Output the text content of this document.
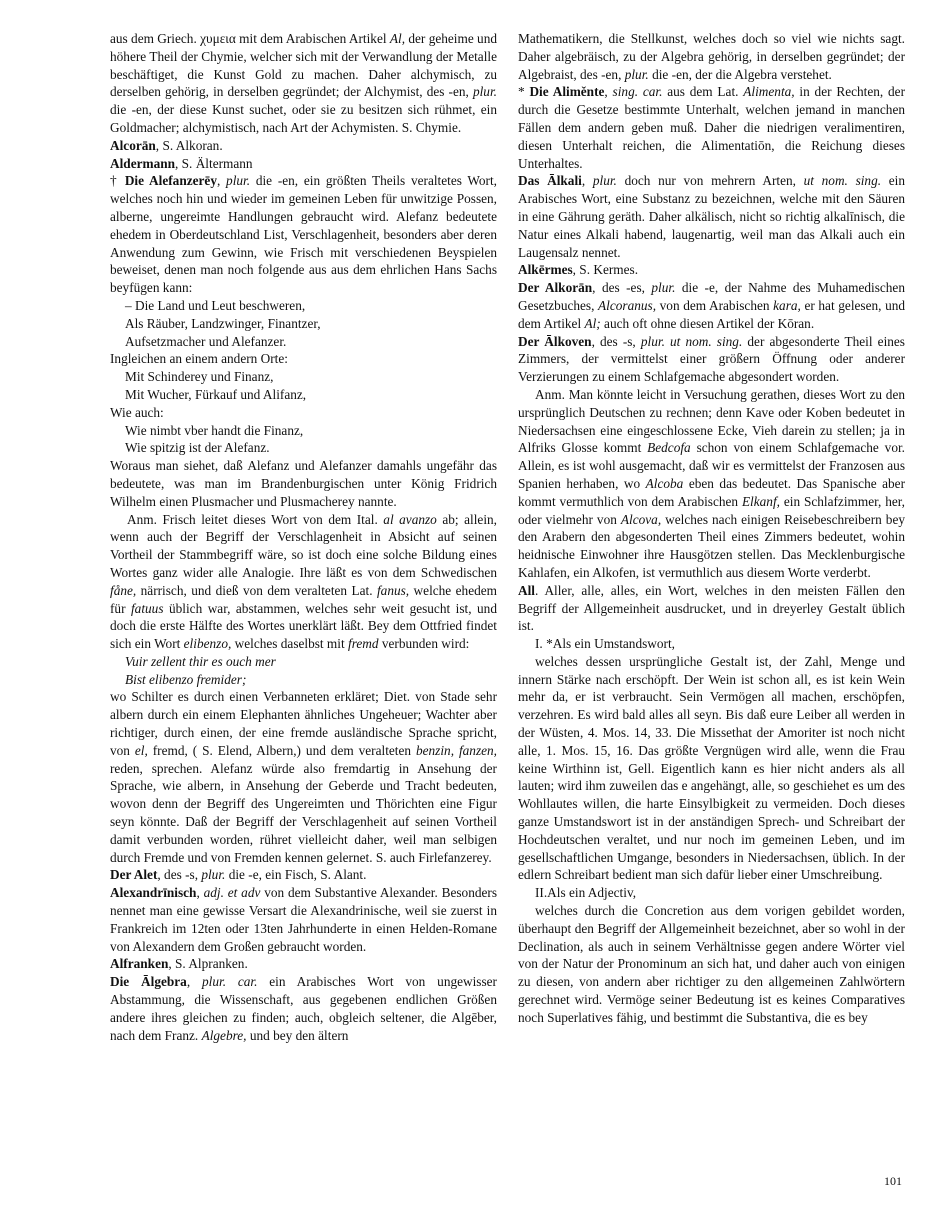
aus dem Griech. χυμεια mit dem Arabischen Artikel Al, der geheime und höhere Theil der Chymie, welcher sich mit der Verwandlung der Metalle beschäftiget, die Kunst Gold zu machen. Daher alchymisch, zu derselben gehörig, in derselben gegründet; der Alchymist, des -en, plur. die -en, der diese Kunst suchet, oder sie zu besitzen sich rühmet, ein Goldmacher; alchymistisch, nach Art der Achymisten. S. Chymie.

Alcorān, S. Alkoran.

Aldermann, S. Ältermann

† Die Alefanzerēy, plur. die -en, ein größten Theils veraltetes Wort, welches noch hin und wieder im gemeinen Leben für unwitzige Possen, alberne, ungereimte Handlungen gebraucht wird. Alefanz bedeutete ehedem in Oberdeutschland List, Verschlagenheit, besonders aber deren Anwendung zum Gewinn, wie Frisch mit verschiedenen Beyspielen beweiset, denen man noch folgende aus aus dem ehrlichen Hans Sachs beyfügen kann:

– Die Land und Leut beschweren,

Als Räuber, Landzwinger, Finantzer,

Aufsetzmacher und Alefanzer.

Ingleichen an einem andern Orte:

Mit Schinderey und Finanz,

Mit Wucher, Fürkauf und Alifanz,

Wie auch:

Wie nimbt vber handt die Finanz,

Wie spitzig ist der Alefanz.

Woraus man siehet, daß Alefanz und Alefanzer damahls ungefähr das bedeutete, was man im Brandenburgischen unter König Fridrich Wilhelm einen Plusmacher und Plusmacherey nannte.

Anm. Frisch leitet dieses Wort von dem Ital. al avanzo ab; allein, wenn auch der Begriff der Verschlagenheit in Absicht auf seinen Vortheil der Stammbegriff wäre, so ist doch eine solche Bildung eines Wortes ganz wider alle Analogie. Ihre läßt es von dem Schwedischen fåne, närrisch, und dieß von dem veralteten Lat. fanus, welche ehedem für fatuus üblich war, abstammen, welches sehr weit gesucht ist, und doch die erste Hälfte des Wortes unerklärt läßt. Bey dem Ottfried findet sich ein Wort elibenzo, welches daselbst mit fremd verbunden wird:

Vuir zellent thir es ouch mer

Bist elibenzo fremider;

wo Schilter es durch einen Verbanneten erkläret; Diet. von Stade sehr albern durch ein einem Elephanten ähnliches Ungeheuer; Wachter aber richtiger, durch einen, der eine fremde ausländische Sprache spricht, von el, fremd, ( S. Elend, Albern,) und dem veralteten benzin, fanzen, reden, sprechen. Alefanz würde also fremdartig in Ansehung der Sprache, wie albern, in Ansehung der Geberde und Tracht bedeuten, wovon denn der Begriff des Ungereimten und Thörichten eine Figur seyn könnte. Daß der Begriff der Verschlagenheit auf seinen Vortheil damit verbunden worden, rühret vielleicht daher, weil man selbigen durch Fremde und von Fremden kennen gelernet. S. auch Firlefanzerey.

Der Alet, des -s, plur. die -e, ein Fisch, S. Alant.

Alexandrīnisch, adj. et adv von dem Substantive Alexander. Besonders nennet man eine gewisse Versart die Alexandrinische, weil sie zuerst in Frankreich im 12ten oder 13ten Jahrhunderte in einen Helden-Romane von Alexandern dem Großen gebraucht worden.

Alfranken, S. Alpranken.

Die Ālgebra, plur. car. ein Arabisches Wort von ungewisser Abstammung, die Wissenschaft, aus gegebenen endlichen Größen andere ihres gleichen zu finden; auch, obgleich seltener, die Algēber, nach dem Franz. Algebre, und bey den ältern

Mathematikern, die Stellkunst, welches doch so viel wie nichts sagt. Daher algebräisch, zu der Algebra gehörig, in derselben gegründet; der Algebraist, des -en, plur. die -en, der die Algebra verstehet.

* Die Aliměnte, sing. car. aus dem Lat. Alimenta, in der Rechten, der durch die Gesetze bestimmte Unterhalt, welchen jemand in manchen Fällen dem andern geben muß. Daher die niedrigen veralimentiren, diesen Unterhalt reichen, die Alimentatiōn, die Reichung dieses Unterhaltes.

Das Ālkali, plur. doch nur von mehrern Arten, ut nom. sing. ein Arabisches Wort, eine Substanz zu bezeichnen, welche mit den Säuren in eine Gährung geräth. Daher alkälisch, nicht so richtig alkalīnisch, die Natur eines Alkali habend, laugenartig, weil man das Alkali auch ein Laugensalz nennet.

Alkērmes, S. Kermes.

Der Alkorān, des -es, plur. die -e, der Nahme des Muhamedischen Gesetzbuches, Alcoranus, von dem Arabischen kara, er hat gelesen, und dem Artikel Al; auch oft ohne diesen Artikel der Kōran.

Der Ālkoven, des -s, plur. ut nom. sing. der abgesonderte Theil eines Zimmers, der vermittelst einer größern Öffnung oder anderer Verzierungen zu einem Schlafgemache abgesondert worden.

Anm. Man könnte leicht in Versuchung gerathen, dieses Wort zu den ursprünglich Deutschen zu rechnen; denn Kave oder Koben bedeutet in Niedersachsen eine eingeschlossene Ecke, Vieh darein zu stellen; ja in Alfriks Glosse kommt Bedcofa schon von einem Schlafgemache vor. Allein, es ist wohl ausgemacht, daß wir es vermittelst der Franzosen aus Spanien herhaben, wo Alcoba eben das bedeutet. Das Spanische aber kommt vermuthlich von dem Arabischen Elkanf, ein Schlafzimmer, her, oder vielmehr von Alcova, welches nach einigen Reisebeschreibern bey den Arabern den abgesonderten Theil eines Zimmers bedeutet, wohin heidnische Einwohner ihre Hausgötzen stellen. Das Mecklenburgische Kahlafen, ein Alkofen, ist vermuthlich aus diesem Worte verderbt.

All. Aller, alle, alles, ein Wort, welches in den meisten Fällen den Begriff der Allgemeinheit ausdrucket, und in dreyerley Gestalt üblich ist.

I. *Als ein Umstandswort,

welches dessen ursprüngliche Gestalt ist, der Zahl, Menge und innern Stärke nach erschöpft. Der Wein ist schon all, es ist kein Wein mehr da, er ist verbraucht. Sein Vermögen all machen, erschöpfen, verzehren. Es wird bald alles all seyn. Bis daß eure Leiber all werden in der Wüsten, 4. Mos. 14, 33. Die Missethat der Amoriter ist noch nicht alle, 1. Mos. 15, 16. Das größte Vergnügen wird alle, wenn die Frau keine Wirthinn ist, Gell. Eigentlich kann es hier nicht anders als all lauten; wird ihm zuweilen das e angehängt, alle, so geschiehet es um des Wohllautes willen, die harte Einsylbigkeit zu vermeiden. Doch dieses ganze Umstandswort ist in der anständigen Sprech- und Schreibart der Hochdeutschen veraltet, und nur noch im gemeinen Leben, und im gesellschaftlichen Umgange, besonders in Niedersachsen, üblich. In der edlern Schreibart bedient man sich dafür lieber einer Umschreibung.

II.Als ein Adjectiv,

welches durch die Concretion aus dem vorigen gebildet worden, überhaupt den Begriff der Allgemeinheit bezeichnet, aber so wohl in der Declination, als auch in seinem Verhältnisse gegen andere Wörter viel von der Natur der Pronominum an sich hat, und daher auch von einigen zu diesen, von andern aber richtiger zu den allgemeinen Zahlwörtern gerechnet wird. Vermöge seiner Bedeutung ist es keines Comparatives noch Superlatives fähig, und bestimmt die Substantiva, die es bey

101
